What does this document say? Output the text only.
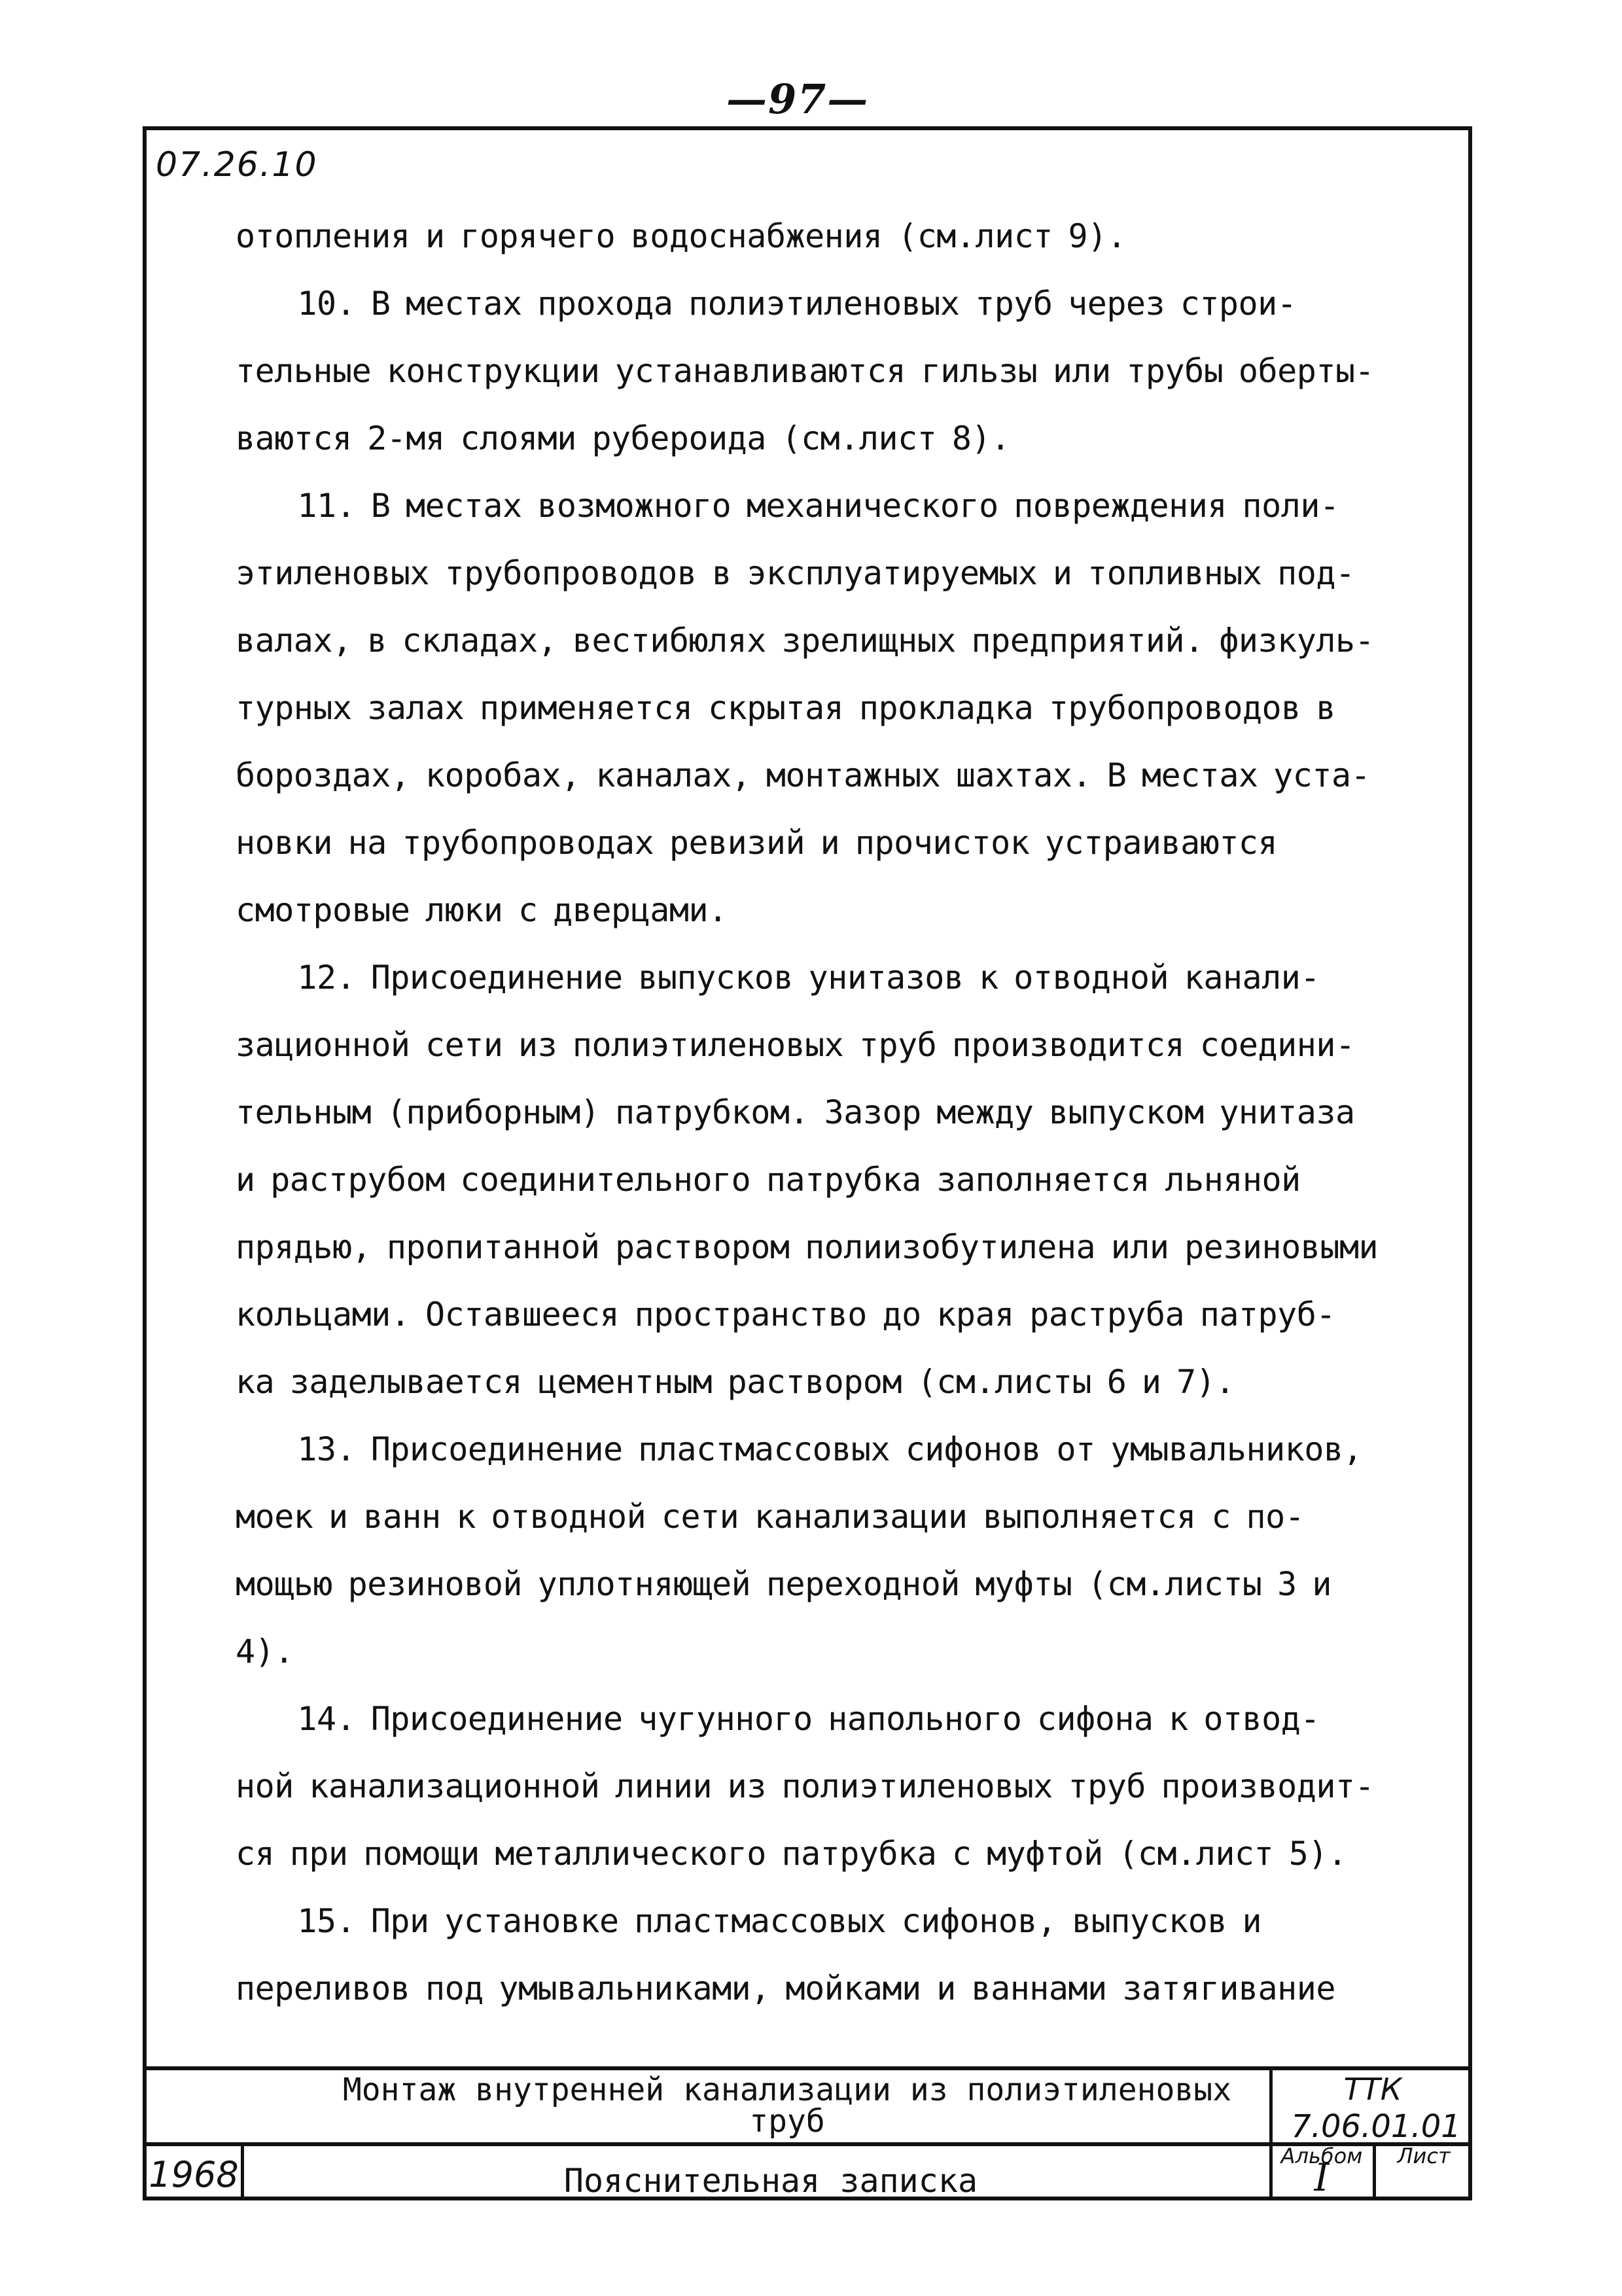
—97—
07.26.10

отопления и горячего водоснабжения (см.лист 9).

10. В местах прохода полиэтиленовых труб через строи-

тельные конструкции устанавливаются гильзы или трубы оберты-

ваются 2-мя слоями рубероида (см.лист 8).

11. В местах возможного механического повреждения поли-

этиленовых трубопроводов в эксплуатируемых и топливных под-

валах, в складах, вестибюлях зрелищных предприятий. физкуль-

турных залах применяется скрытая прокладка трубопроводов в

бороздах, коробах, каналах, монтажных шахтах. В местах уста-

новки на трубопроводах ревизий и прочисток устраиваются

смотровые люки с дверцами.

12. Присоединение выпусков унитазов к отводной канали-

зационной сети из полиэтиленовых труб производится соедини-

тельным (приборным) патрубком. Зазор между выпуском унитаза

и раструбом соединительного патрубка заполняется льняной

прядью, пропитанной раствором полиизобутилена или резиновыми

кольцами. Оставшееся пространство до края раструба патруб-

ка заделывается цементным раствором (см.листы 6 и 7).

13. Присоединение пластмассовых сифонов от умывальников,

моек и ванн к отводной сети канализации выполняется с по-

мощью резиновой уплотняющей переходной муфты (см.листы 3 и

4).

14. Присоединение чугунного напольного сифона к отвод-

ной канализационной линии из полиэтиленовых труб производит-

ся при помощи металлического патрубка с муфтой (см.лист 5).

15. При установке пластмассовых сифонов, выпусков и

переливов под умывальниками, мойками и ваннами затягивание

Монтаж внутренней канализации из полиэтиленовых
труб
Пояснительная записка
1968
ТТК
7.06.01.01
Альбом
I	Лист
